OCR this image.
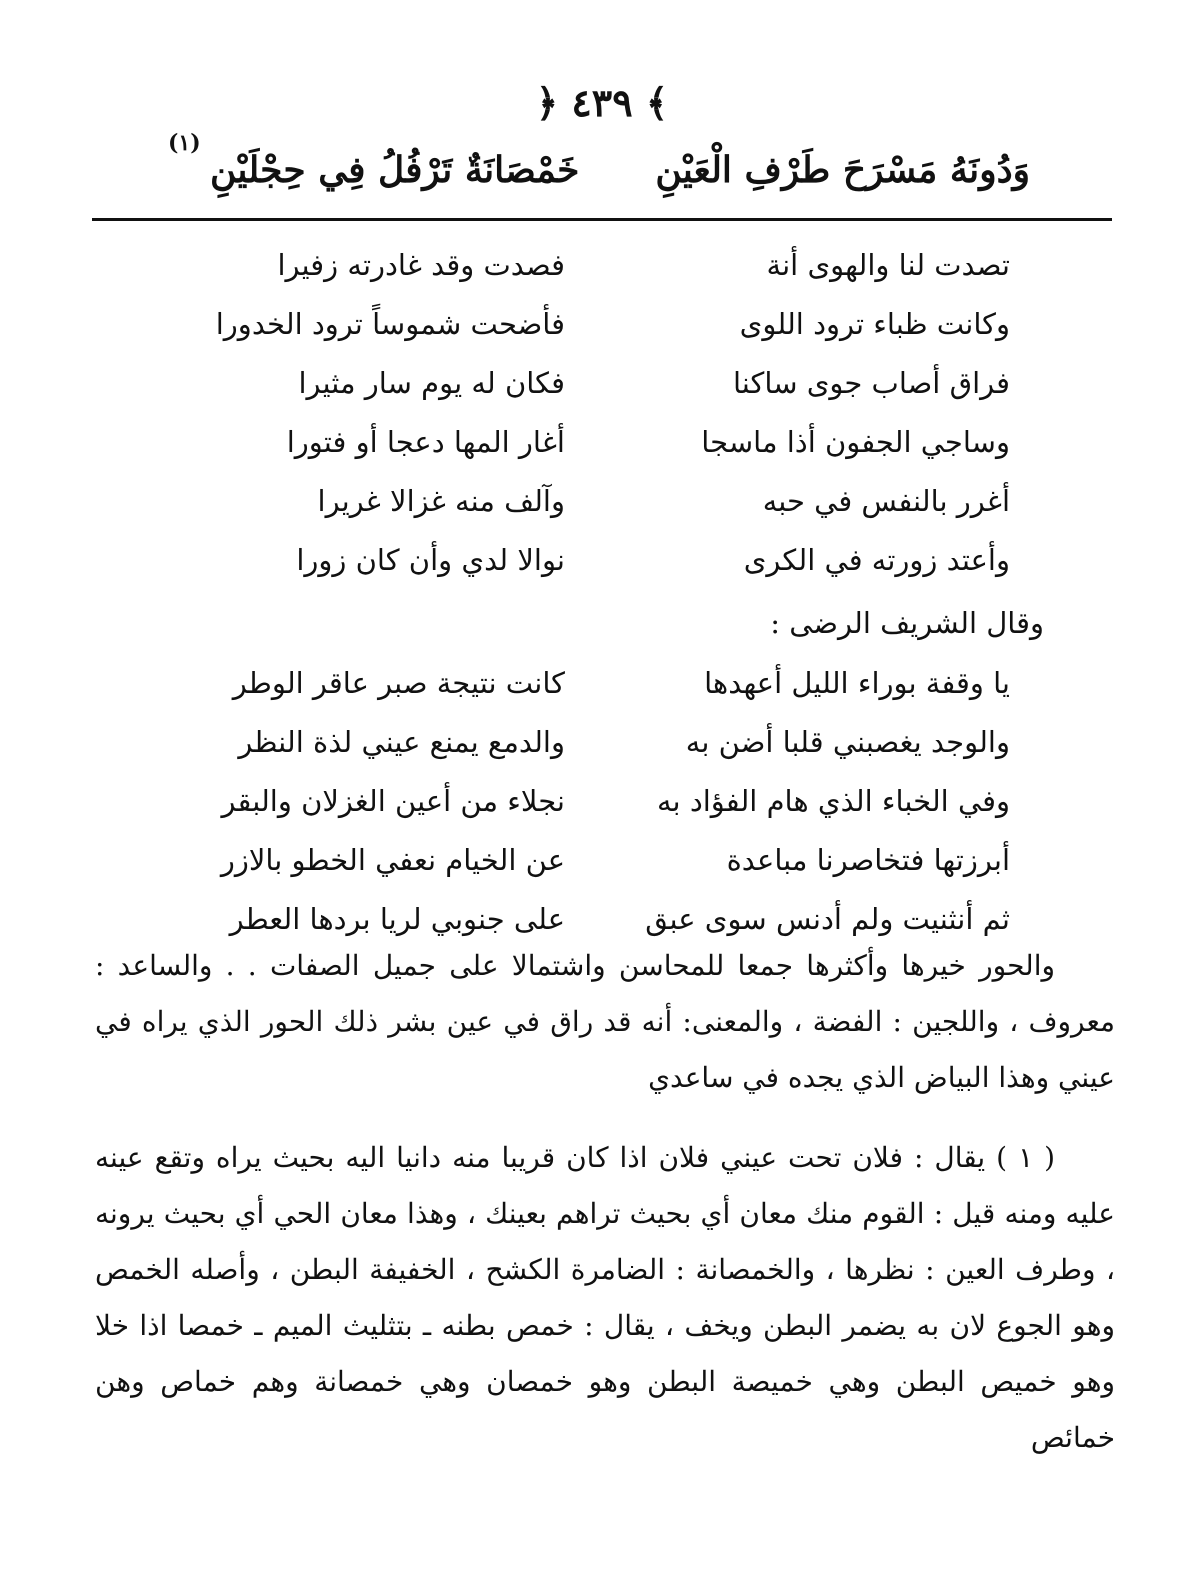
﴿ ٤٣٩ ﴾
وَدُونَهُ مَسْرَحَ طَرْفِ الْعَيْنِ
خَمْصَانَةٌ تَرْفُلُ فِي حِجْلَيْنِ
(١)
تصدت لنا والهوى أنة
فصدت وقد غادرته زفيرا
وكانت ظباء ترود اللوى
فأضحت شموساً ترود الخدورا
فراق أصاب جوى ساكنا
فكان له يوم سار مثيرا
وساجي الجفون أذا ماسجا
أغار المها دعجا أو فتورا
أغرر بالنفس في حبه
وآلف منه غزالا غريرا
وأعتد زورته في الكرى
نوالا لدي وأن كان زورا
وقال الشريف الرضى :
يا وقفة بوراء الليل أعهدها
كانت نتيجة صبر عاقر الوطر
والوجد يغصبني قلبا أضن به
والدمع يمنع عيني لذة النظر
وفي الخباء الذي هام الفؤاد به
نجلاء من أعين الغزلان والبقر
أبرزتها فتخاصرنا مباعدة
عن الخيام نعفي الخطو بالازر
ثم أنثنيت ولم أدنس سوى عبق
على جنوبي لريا بردها العطر

والحور خيرها وأكثرها جمعا للمحاسن واشتمالا على جميل الصفات . . والساعد : معروف ، واللجين : الفضة ، والمعنى: أنه قد راق في عين بشر ذلك الحور الذي يراه في عيني وهذا البياض الذي يجده في ساعدي

( ١ ) يقال : فلان تحت عيني فلان اذا كان قريبا منه دانيا اليه بحيث يراه وتقع عينه عليه ومنه قيل : القوم منك معان أي بحيث تراهم بعينك ، وهذا معان الحي أي بحيث يرونه ، وطرف العين : نظرها ، والخمصانة : الضامرة الكشح ، الخفيفة البطن ، وأصله الخمص وهو الجوع لان به يضمر البطن ويخف ، يقال : خمص بطنه ـ بتثليث الميم ـ خمصا اذا خلا وهو خميص البطن وهي خميصة البطن وهو خمصان وهي خمصانة وهم خماص وهن خمائص
